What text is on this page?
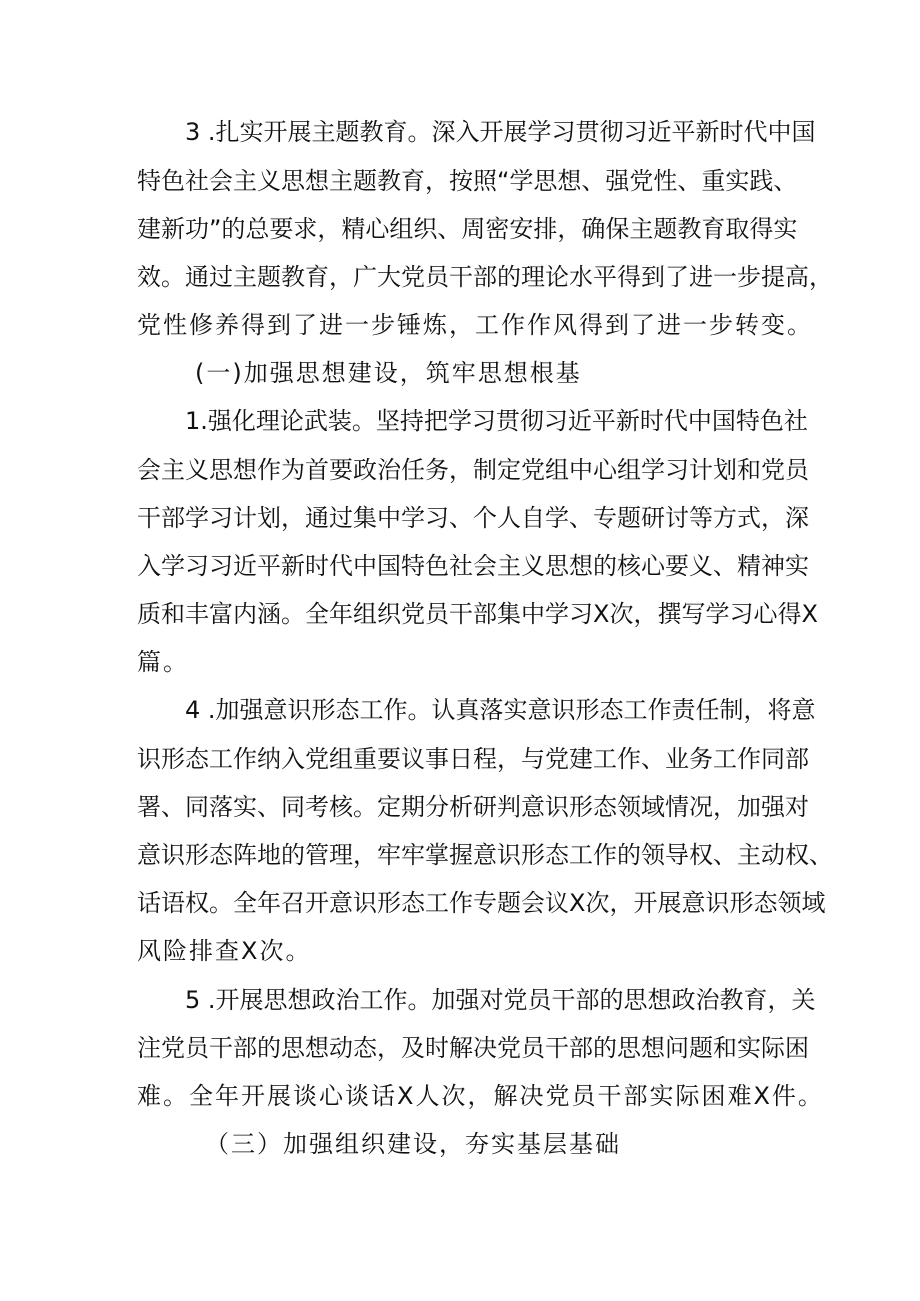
3 .扎实开展主题教育。深入开展学习贯彻习近平新时代中国
特色社会主义思想主题教育，按照“学思想、强党性、重实践、
建新功”的总要求，精心组织、周密安排，确保主题教育取得实
效。通过主题教育，广大党员干部的理论水平得到了进一步提高，
党性修养得到了进一步锤炼，工作作风得到了进一步转变。
(一)加强思想建设，筑牢思想根基
1.强化理论武装。坚持把学习贯彻习近平新时代中国特色社
会主义思想作为首要政治任务，制定党组中心组学习计划和党员
干部学习计划，通过集中学习、个人自学、专题研讨等方式，深
入学习习近平新时代中国特色社会主义思想的核心要义、精神实
质和丰富内涵。全年组织党员干部集中学习X次，撰写学习心得X
篇。
4 .加强意识形态工作。认真落实意识形态工作责任制，将意
识形态工作纳入党组重要议事日程，与党建工作、业务工作同部
署、同落实、同考核。定期分析研判意识形态领域情况，加强对
意识形态阵地的管理，牢牢掌握意识形态工作的领导权、主动权、
话语权。全年召开意识形态工作专题会议X次，开展意识形态领域
风险排查X次。
5 .开展思想政治工作。加强对党员干部的思想政治教育，关
注党员干部的思想动态，及时解决党员干部的思想问题和实际困
难。全年开展谈心谈话X人次，解决党员干部实际困难X件。
（三）加强组织建设，夯实基层基础
